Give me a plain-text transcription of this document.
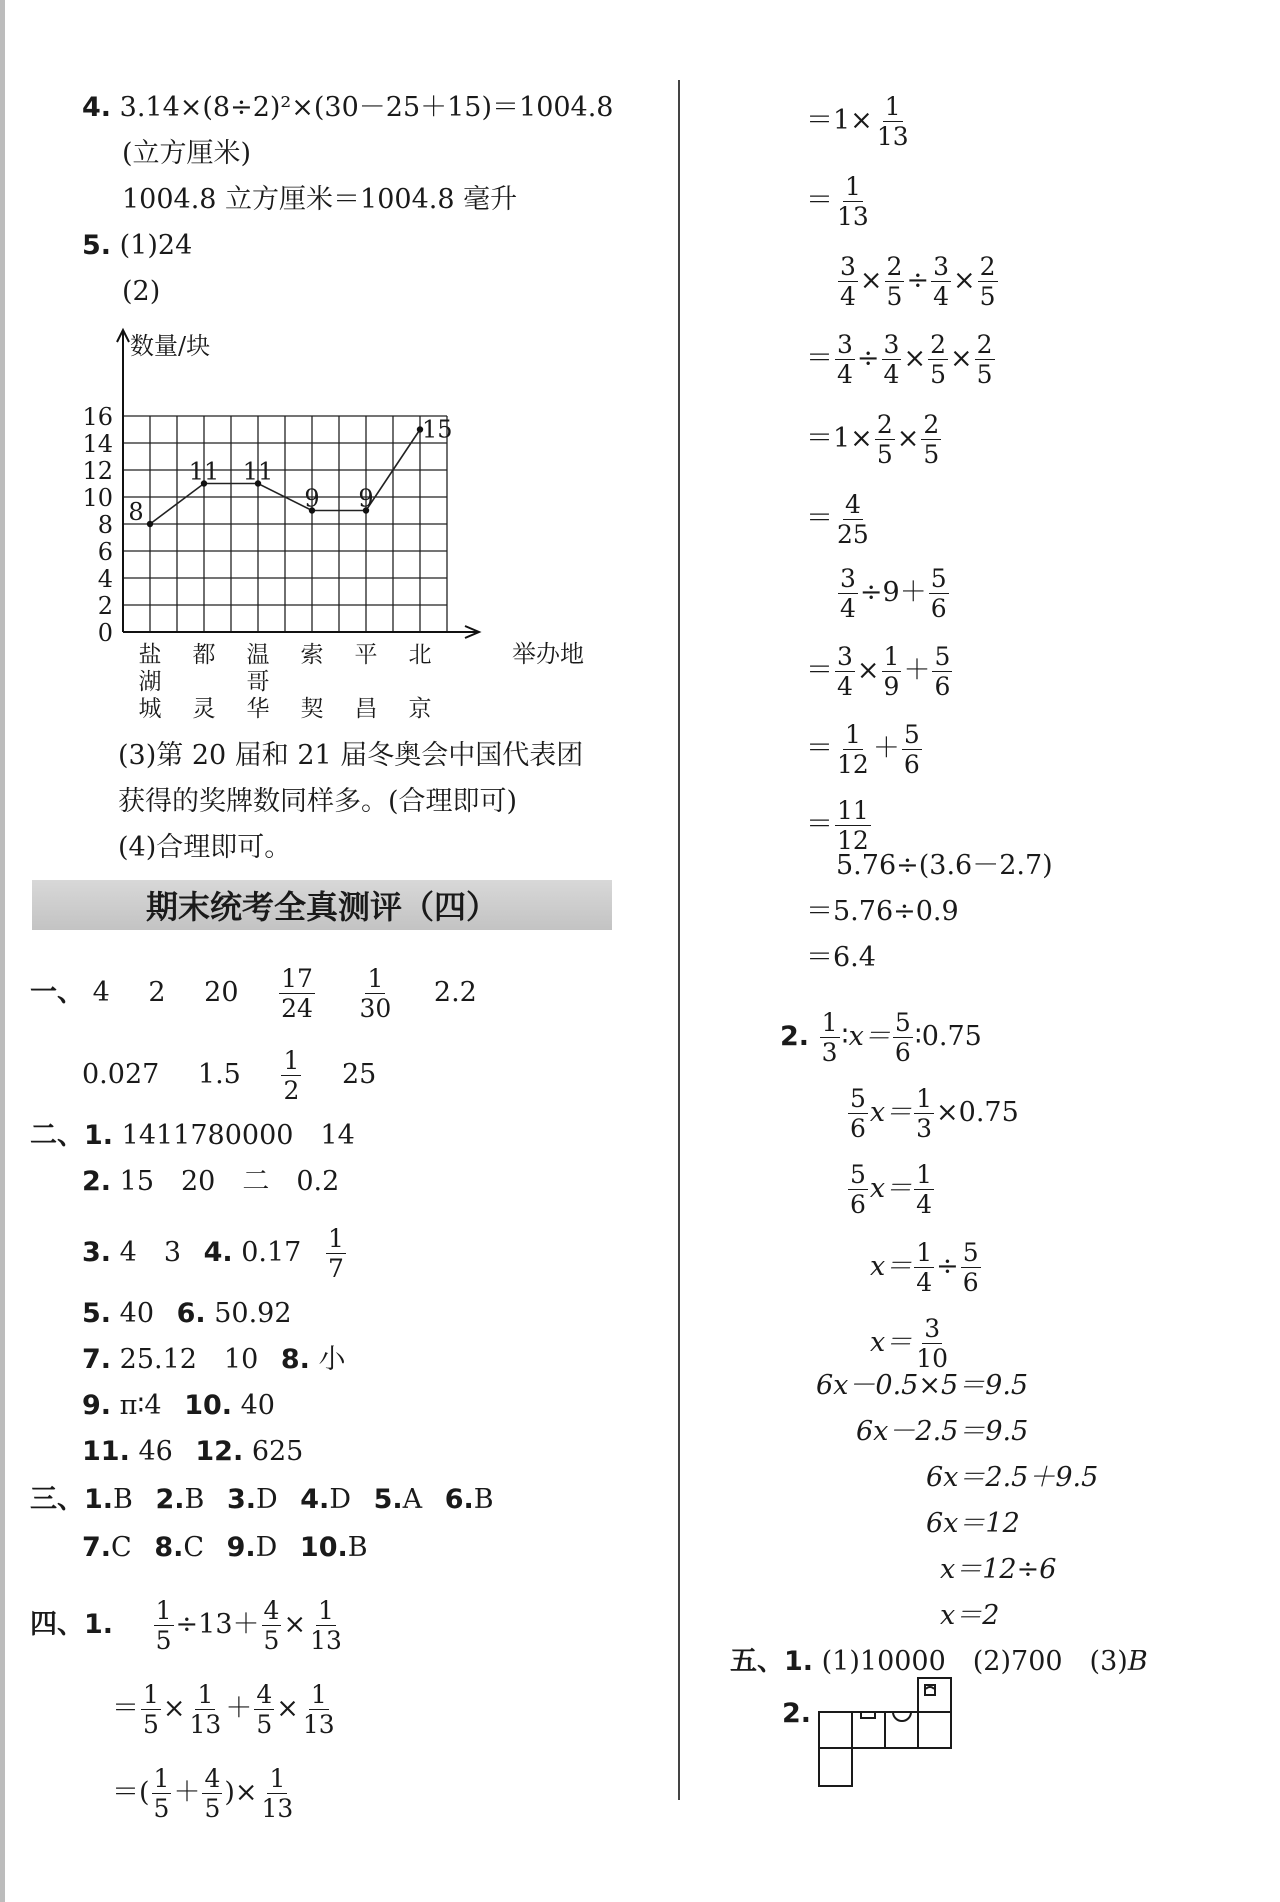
4. 3.14×(8÷2)²×(30－25＋15)＝1004.8
(立方厘米)
1004.8 立方厘米＝1004.8 毫升
5. (1)24
(2)
0
2
4
6
8
10
12
14
16
8
11 11
9 9
15
盐湖城
都灵
温哥华
索契
平昌
北京
数量/块
举办地
(3)第 20 届和 21 届冬奥会中国代表团
获得的奖牌数同样多。(合理即可)
(4)合理即可。
期末统考全真测评（四）
一、 4 2 $20 \frac{17}{24}$
$\frac{1}{30} 2.2$
0.027 $1.5 \frac{1}{2} 25$
二、1. 1411780000　14
2. 15　20　二　0.2
3. 4　3 4. $0.17 \frac{1}{7}$
5. 40 6. 50.92
7. 25.12　10 8. 小
9. π∶4 10. 40
11. 46 12. 625
三、1.B 2.B 3.D 4.D 5.A 6.B
7.C 8.C 9.D 10.B
四、1. $\frac{1}{5} \div 13+ \frac{4}{5} \times \frac{1}{13}$
＝ $\frac{1}{5} \times \frac{1}{13} + \frac{4}{5} \times \frac{1}{13}$
＝( $\frac{1}{5} + \frac{4}{5}$ )× $\frac{1}{13}$
$=1\times \frac{1}{13}$
＝ $\frac{1}{13}$
$\frac{3}{4} \times \frac{2}{5} \div \frac{3}{4} \times \frac{2}{5}$
＝ $\frac{3}{4} \div \frac{3}{4} \times \frac{2}{5} \times \frac{2}{5}$
$=1\times \frac{2}{5} \times \frac{2}{5}$
＝ $\frac{4}{25}$
$\frac{3}{4} \div 9+ \frac{5}{6}$
＝ $\frac{3}{4} \times \frac{1}{9} + \frac{5}{6}$
＝ $\frac{1}{12} + \frac{5}{6}$
＝ $\frac{11}{12}$
5.76÷(3.6－2.7)
＝5.76÷0.9
＝6.4
2. $\frac{1}{3}$ ∶x＝ $\frac{5}{6}$ ∶0.75
$\frac{5}{6} x= \frac{1}{3} \times 0.75$
$\frac{5}{6} x= \frac{1}{4}$
$x= \frac{1}{4} \div \frac{5}{6}$
$x= \frac{3}{10}$
6x－0.5×5＝9.5
6x－2.5＝9.5
6x＝2.5＋9.5
6x＝12
x＝12÷6
x＝2
五、1. (1)10000　(2)700　(3)B
2.
